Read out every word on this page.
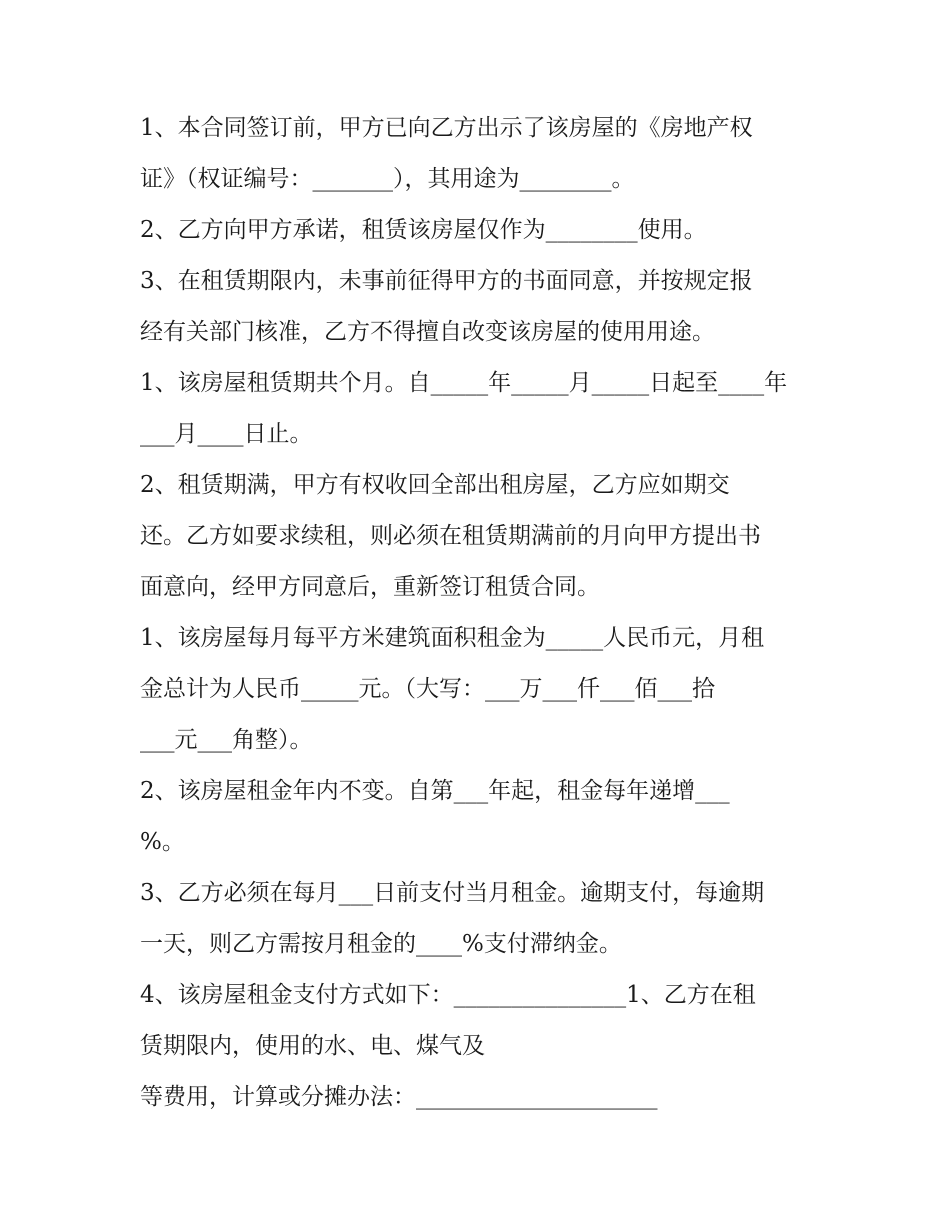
1、本合同签订前，甲方已向乙方出示了该房屋的《房地产权
证》（权证编号：_______），其用途为________。
2、乙方向甲方承诺，租赁该房屋仅作为________使用。
3、在租赁期限内，未事前征得甲方的书面同意，并按规定报
经有关部门核准，乙方不得擅自改变该房屋的使用用途。
1、该房屋租赁期共个月。自_____年_____月_____日起至____年
___月____日止。
2、租赁期满，甲方有权收回全部出租房屋，乙方应如期交
还。乙方如要求续租，则必须在租赁期满前的月向甲方提出书
面意向，经甲方同意后，重新签订租赁合同。
1、该房屋每月每平方米建筑面积租金为_____人民币元，月租
金总计为人民币_____元。（大写：___万___仟___佰___拾
___元___角整）。
2、该房屋租金年内不变。自第___年起，租金每年递增___
%。
3、乙方必须在每月___日前支付当月租金。逾期支付，每逾期
一天，则乙方需按月租金的____%支付滞纳金。
4、该房屋租金支付方式如下：_______________1、乙方在租
赁期限内，使用的水、电、煤气及
等费用，计算或分摊办法：_____________________
